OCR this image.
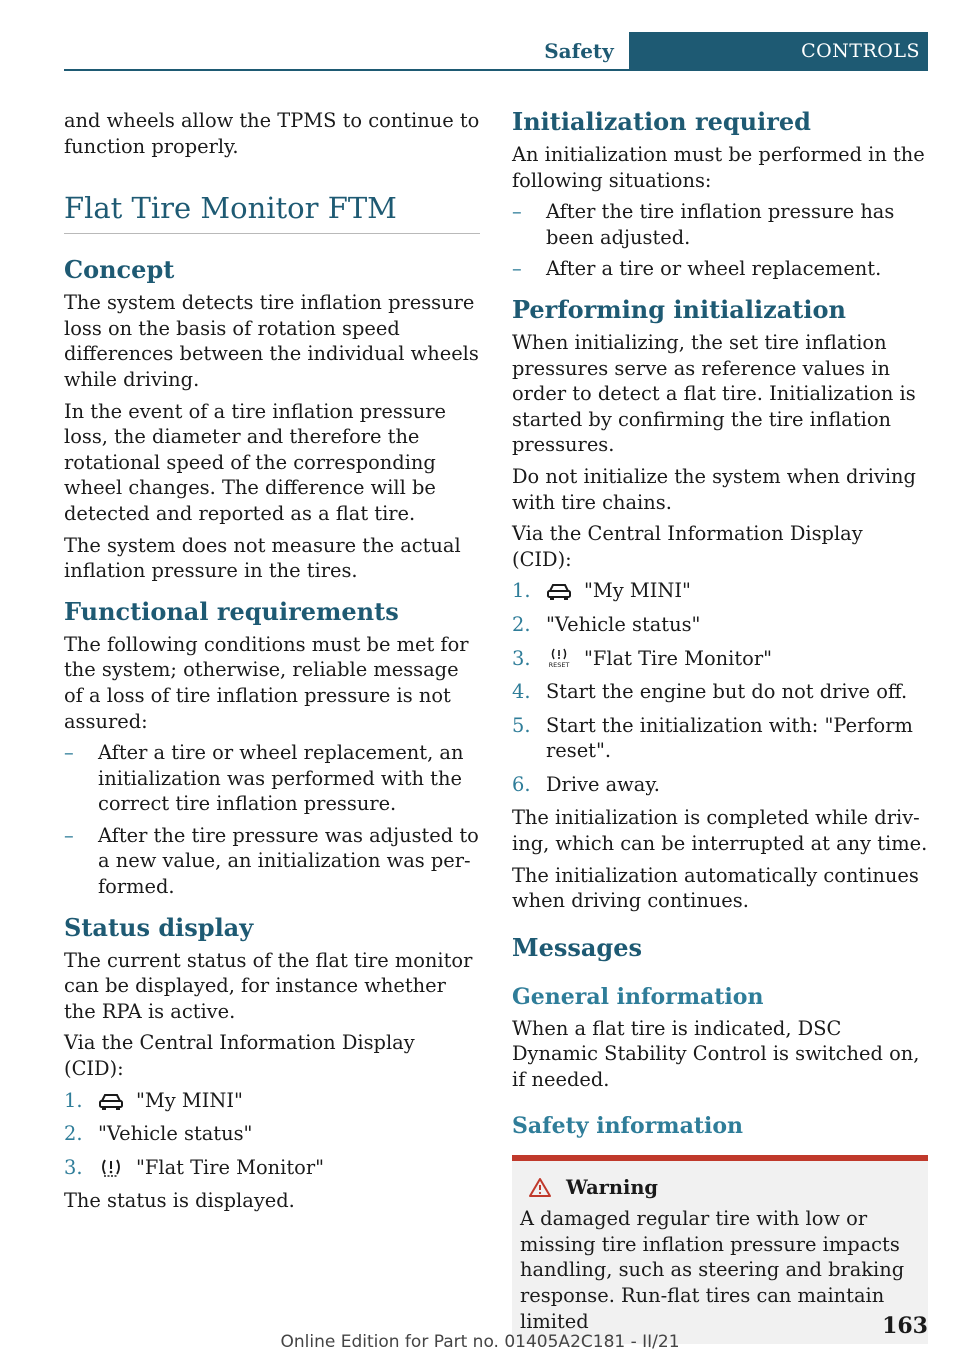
Safety	CONTROLS

and wheels allow the TPMS to continue to function properly.

Flat Tire Monitor FTM
Concept

The system detects tire inflation pressure loss on the basis of rotation speed differences between the individual wheels while driving.

In the event of a tire inflation pressure loss, the diameter and therefore the rotational speed of the corresponding wheel changes. The difference will be detected and reported as a flat tire.

The system does not measure the actual inflation pressure in the tires.

Functional requirements

The following conditions must be met for the system; otherwise, reliable message of a loss of tire inflation pressure is not assured:

– After a tire or wheel replacement, an initialization was performed with the correct tire inflation pressure.
– After the tire pressure was adjusted to a new value, an initialization was performed.
Status display

The current status of the flat tire monitor can be displayed, for instance whether the RPA is active.

Via the Central Information Display (CID):

1.	"My MINI"
2. "Vehicle status"
3.	"Flat Tire Monitor"

The status is displayed.

Initialization required

An initialization must be performed in the following situations:

– After the tire inflation pressure has been adjusted.
– After a tire or wheel replacement.
Performing initialization

When initializing, the set tire inflation pressures serve as reference values in order to detect a flat tire. Initialization is started by confirming the tire inflation pressures.

Do not initialize the system when driving with tire chains.

Via the Central Information Display (CID):

1.	"My MINI"
2. "Vehicle status"
3.	RESET "Flat Tire Monitor"
4. Start the engine but do not drive off.
5. Start the initialization with: "Perform reset".
6. Drive away.

The initialization is completed while driving, which can be interrupted at any time.

The initialization automatically continues when driving continues.

Messages
General information

When a flat tire is indicated, DSC Dynamic Stability Control is switched on, if needed.

Safety information
Warning

A damaged regular tire with low or missing tire inflation pressure impacts handling, such as steering and braking response. Run-flat tires can maintain limited	163
Online Edition for Part no. 01405A2C181 - II/21
